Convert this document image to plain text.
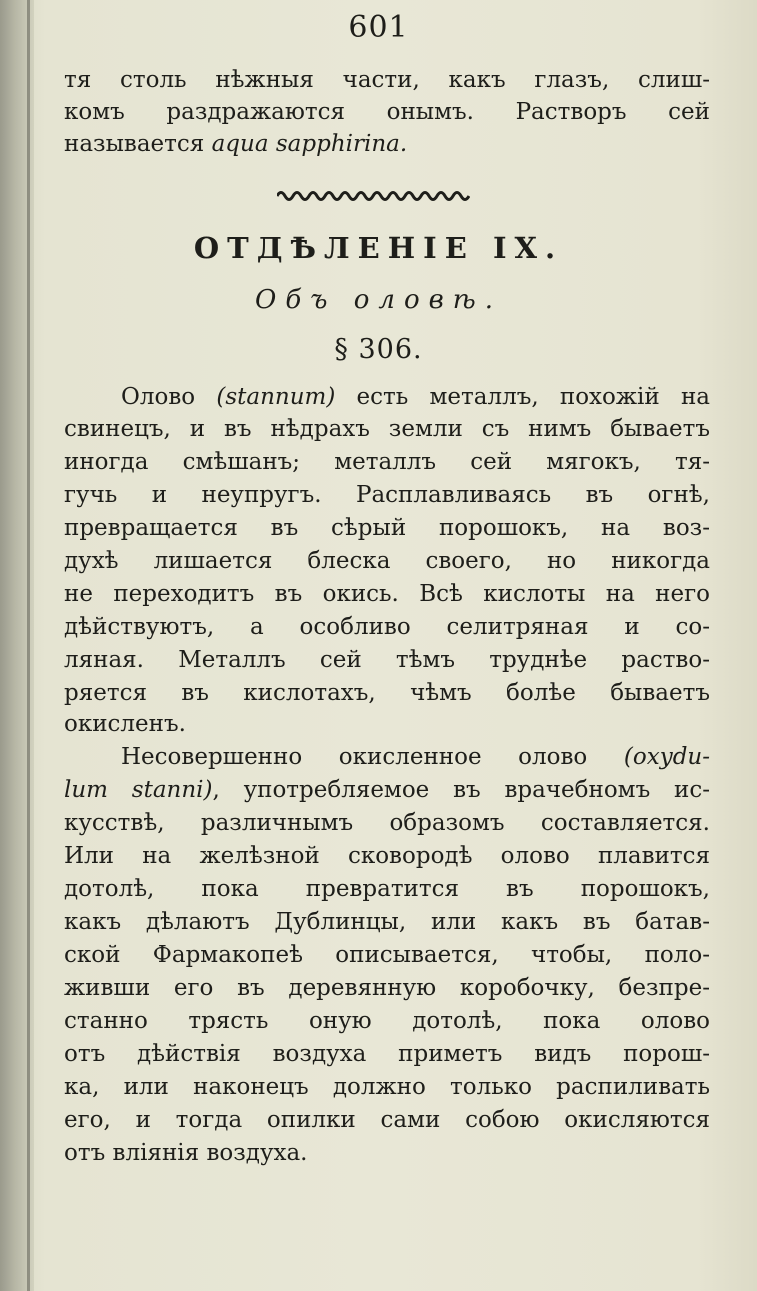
601
тя столь нѣжныя части, какъ глазъ, слиш-
комъ раздражаются онымъ. Растворъ сей
называется aqua sapphirina.
ОТДѢЛЕНІЕ IX.
Объ оловѣ.
§ 306.
Олово (stannum) есть металлъ, похожій на
свинецъ, и въ нѣдрахъ земли съ нимъ бываетъ
иногда смѣшанъ; металлъ сей мягокъ, тя-
гучь и неупругъ. Расплавливаясь въ огнѣ,
превращается въ сѣрый порошокъ, на воз-
духѣ лишается блеска своего, но никогда
не переходитъ въ окись. Всѣ кислоты на него
дѣйствуютъ, а особливо селитряная и со-
ляная. Металлъ сей тѣмъ труднѣе раство-
ряется въ кислотахъ, чѣмъ болѣе бываетъ
окисленъ.
Несовершенно окисленное олово (oxydu-
lum stanni), употребляемое въ врачебномъ ис-
кусствѣ, различнымъ образомъ составляется.
Или на желѣзной сковородѣ олово плавится
дотолѣ, пока превратится въ порошокъ,
какъ дѣлаютъ Дублинцы, или какъ въ батав-
ской Фармакопеѣ описывается, чтобы, поло-
живши его въ деревянную коробочку, безпре-
станно трясть оную дотолѣ, пока олово
отъ дѣйствія воздуха приметъ видъ порош-
ка, или наконецъ должно только распиливать
его, и тогда опилки сами собою окисляются
отъ вліянія воздуха.
